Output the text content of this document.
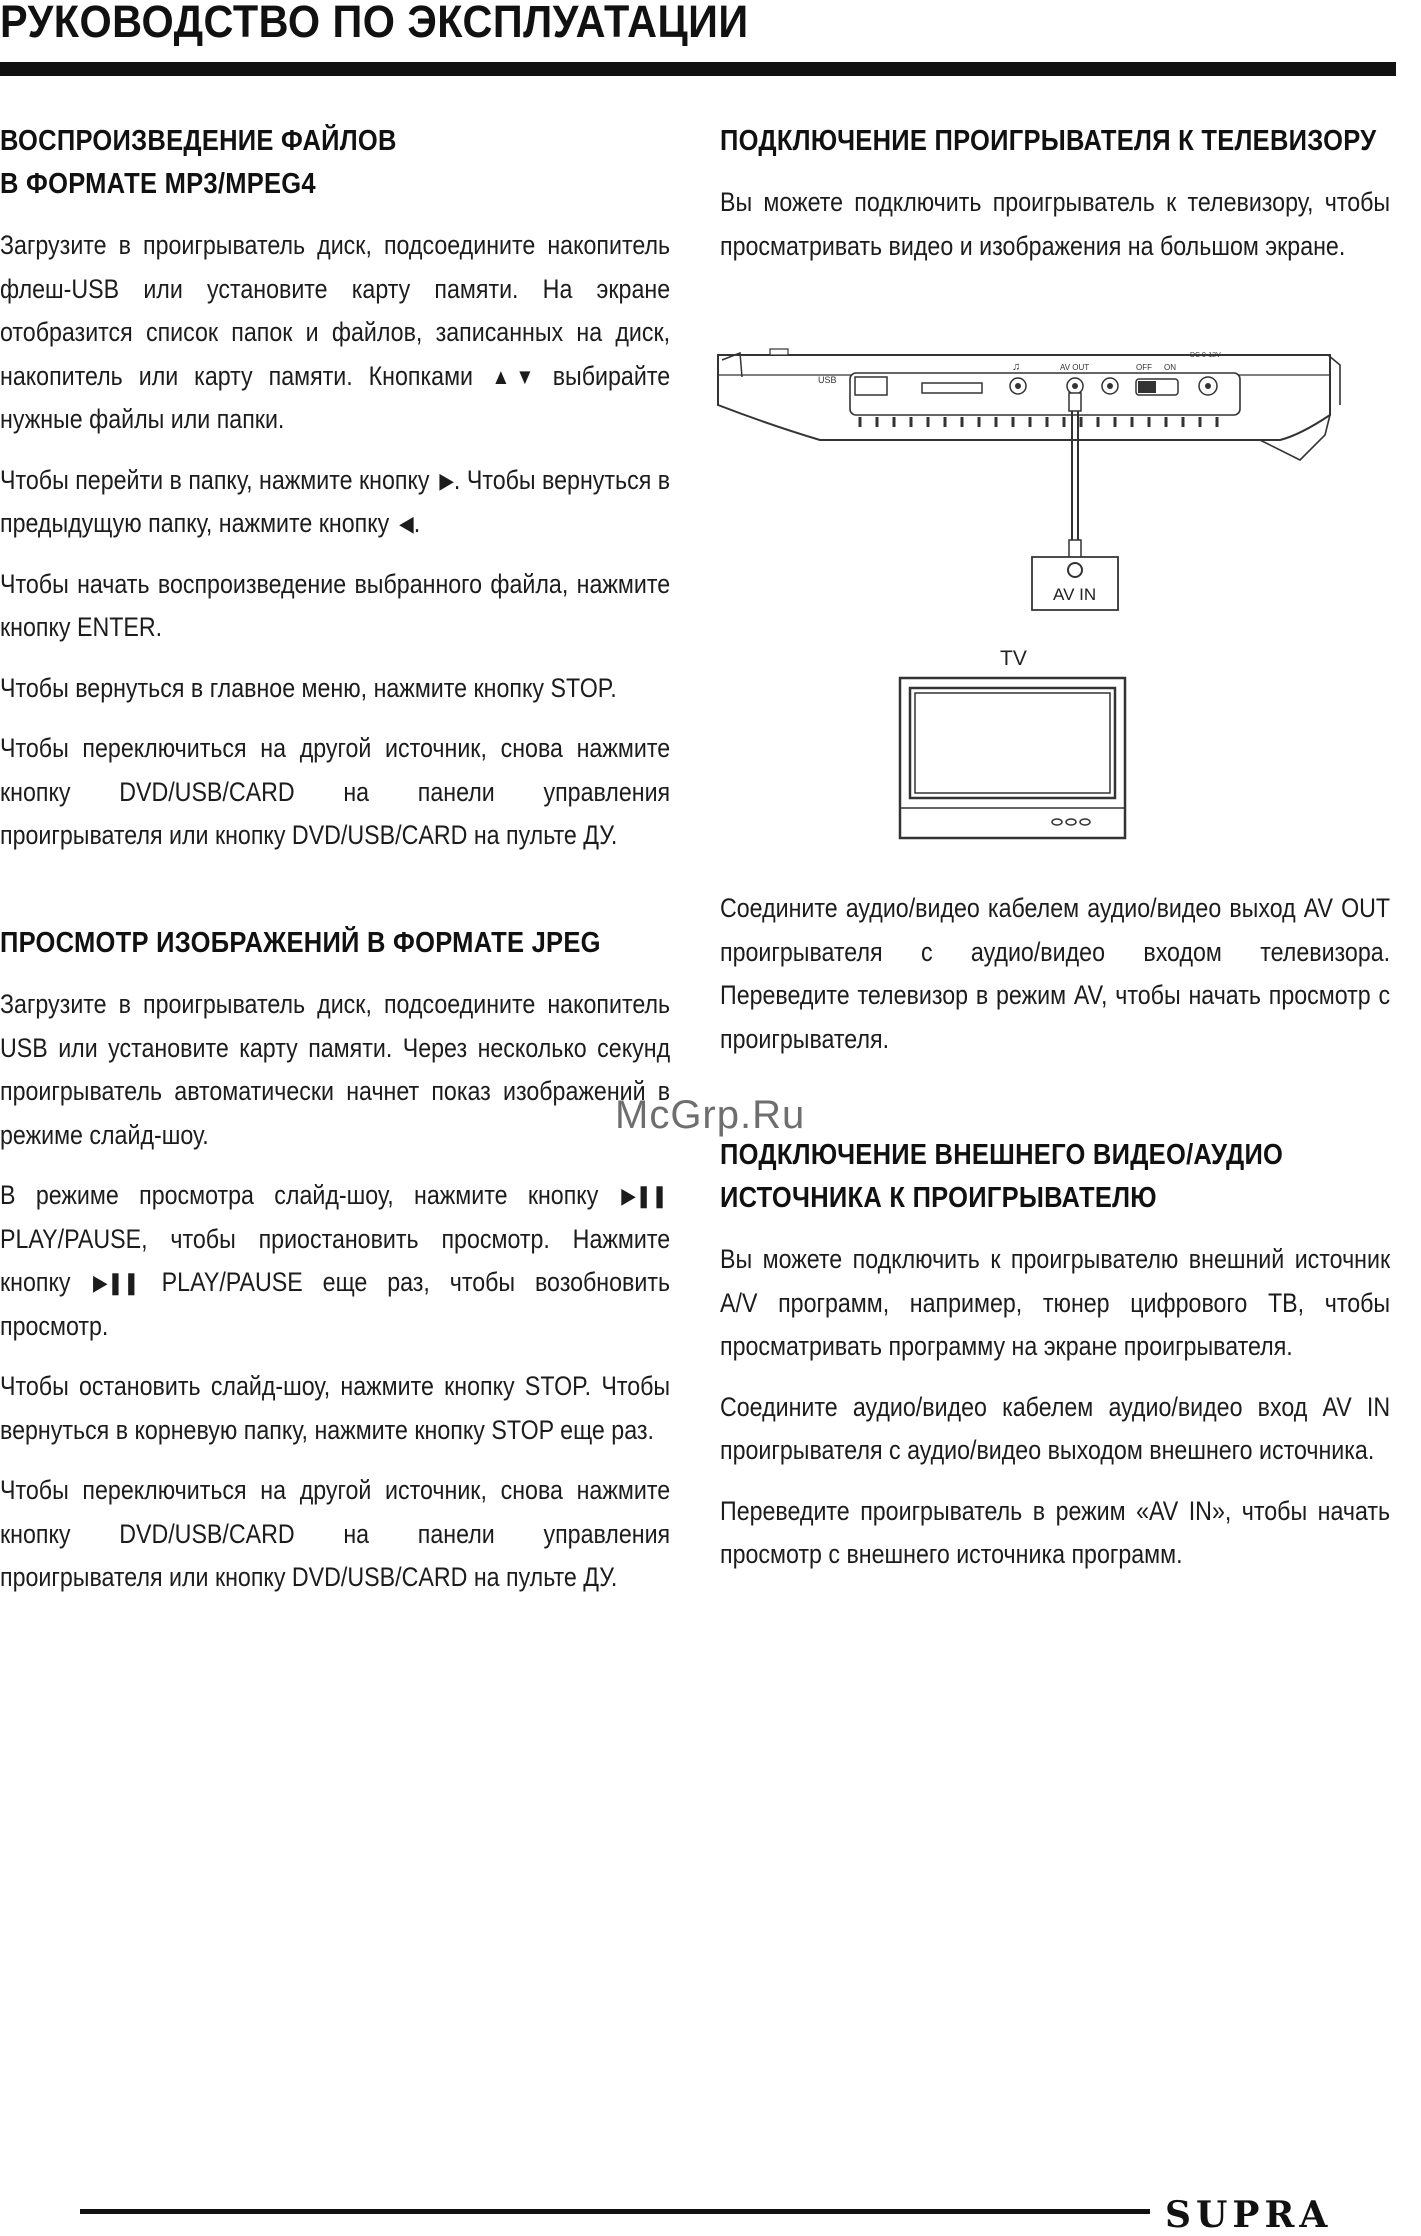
РУКОВОДСТВО ПО ЭКСПЛУАТАЦИИ
ВОСПРОИЗВЕДЕНИЕ ФАЙЛОВ
В ФОРМАТЕ MP3/MPEG4

Загрузите в проигрыватель диск, подсоедините накопитель флеш-USB или установите карту памяти. На экране отобразится список папок и файлов, записанных на диск, накопитель или карту памяти. Кнопками ▲ ▼ выбирайте нужные файлы или папки.

Чтобы перейти в папку, нажмите кнопку ▶. Чтобы вернуться в предыдущую папку, нажмите кнопку ◀.

Чтобы начать воспроизведение выбранного файла, нажмите кнопку ENTER.

Чтобы вернуться в главное меню, нажмите кнопку STOP.

Чтобы переключиться на другой источник, снова нажмите кнопку DVD/USB/CARD на панели управления проигрывателя или кнопку DVD/USB/CARD на пульте ДУ.

ПРОСМОТР ИЗОБРАЖЕНИЙ В ФОРМАТЕ JPEG

Загрузите в проигрыватель диск, подсоедините накопитель USB или установите карту памяти. Через несколько секунд проигрыватель автоматически начнет показ изображений в режиме слайд-шоу.

В режиме просмотра слайд-шоу, нажмите кнопку ▶❚❚ PLAY/PAUSE, чтобы приостановить просмотр. Нажмите кнопку ▶❚❚ PLAY/PAUSE еще раз, чтобы возобновить просмотр.

Чтобы остановить слайд-шоу, нажмите кнопку STOP. Чтобы вернуться в корневую папку, нажмите кнопку STOP еще раз.

Чтобы переключиться на другой источник, снова нажмите кнопку DVD/USB/CARD на панели управления проигрывателя или кнопку DVD/USB/CARD на пульте ДУ.

ПОДКЛЮЧЕНИЕ ПРОИГРЫВАТЕЛЯ К ТЕЛЕВИЗОРУ

Вы можете подключить проигрыватель к телевизору, чтобы просматривать видео и изображения на большом экране.

USB
♫	AV OUT	OFF ON
DC 9-12V
AV IN
TV

Соедините аудио/видео кабелем аудио/видео выход AV OUT проигрывателя с аудио/видео входом телевизора. Переведите телевизор в режим AV, чтобы начать просмотр с проигрывателя.

ПОДКЛЮЧЕНИЕ ВНЕШНЕГО ВИДЕО/АУДИО
ИСТОЧНИКА К ПРОИГРЫВАТЕЛЮ

Вы можете подключить к проигрывателю внешний источник A/V программ, например, тюнер цифрового ТВ, чтобы просматривать программу на экране проигрывателя.

Соедините аудио/видео кабелем аудио/видео вход AV IN проигрывателя с аудио/видео выходом внешнего источника.

Переведите проигрыватель в режим «AV IN», чтобы начать просмотр с внешнего источника программ.

McGrp.Ru
SUPRA
